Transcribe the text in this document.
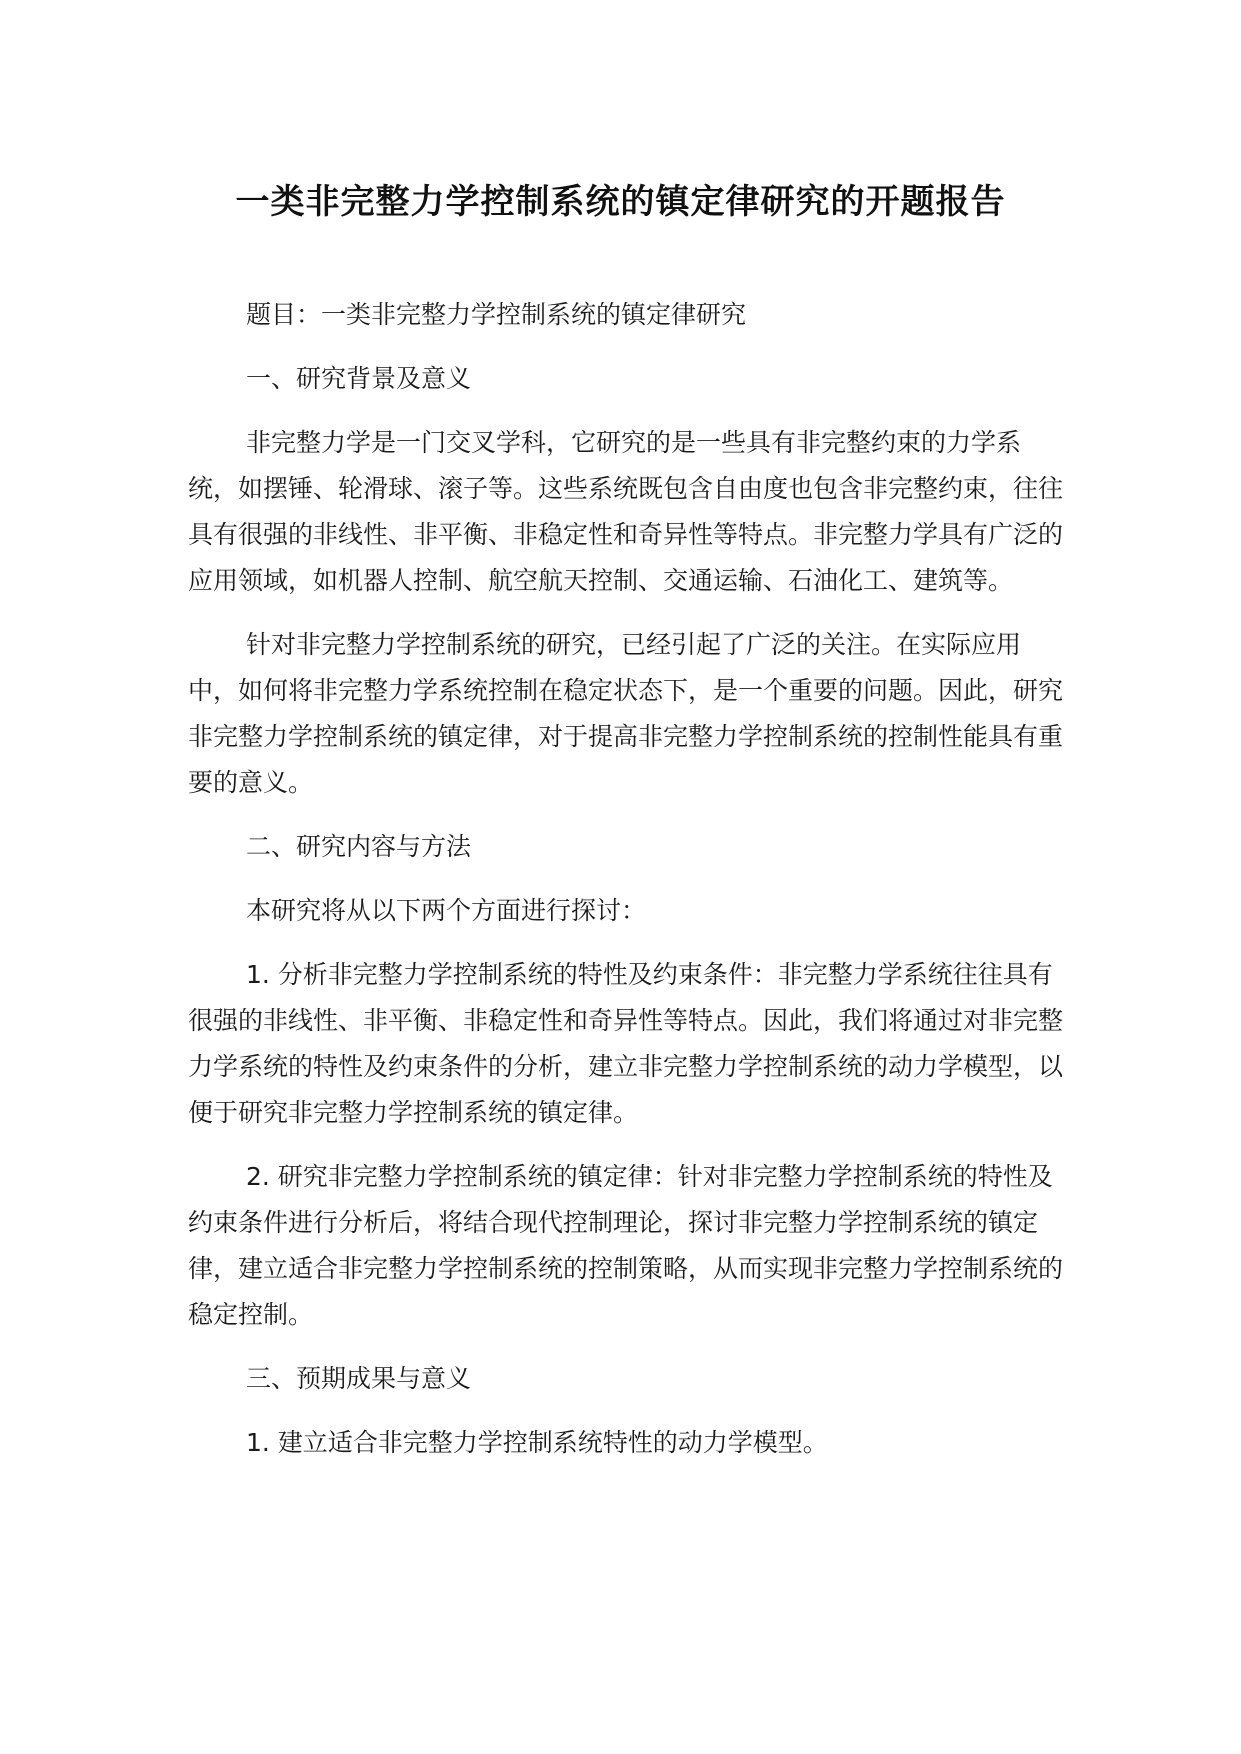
一类非完整力学控制系统的镇定律研究的开题报告

题目：一类非完整力学控制系统的镇定律研究

一、研究背景及意义

非完整力学是一门交叉学科，它研究的是一些具有非完整约束的力学系统，如摆锤、轮滑球、滚子等。这些系统既包含自由度也包含非完整约束，往往具有很强的非线性、非平衡、非稳定性和奇异性等特点。非完整力学具有广泛的应用领域，如机器人控制、航空航天控制、交通运输、石油化工、建筑等。

针对非完整力学控制系统的研究，已经引起了广泛的关注。在实际应用中，如何将非完整力学系统控制在稳定状态下，是一个重要的问题。因此，研究非完整力学控制系统的镇定律，对于提高非完整力学控制系统的控制性能具有重要的意义。

二、研究内容与方法

本研究将从以下两个方面进行探讨：

1. 分析非完整力学控制系统的特性及约束条件：非完整力学系统往往具有很强的非线性、非平衡、非稳定性和奇异性等特点。因此，我们将通过对非完整力学系统的特性及约束条件的分析，建立非完整力学控制系统的动力学模型，以便于研究非完整力学控制系统的镇定律。

2. 研究非完整力学控制系统的镇定律：针对非完整力学控制系统的特性及约束条件进行分析后，将结合现代控制理论，探讨非完整力学控制系统的镇定律，建立适合非完整力学控制系统的控制策略，从而实现非完整力学控制系统的稳定控制。

三、预期成果与意义

1. 建立适合非完整力学控制系统特性的动力学模型。
